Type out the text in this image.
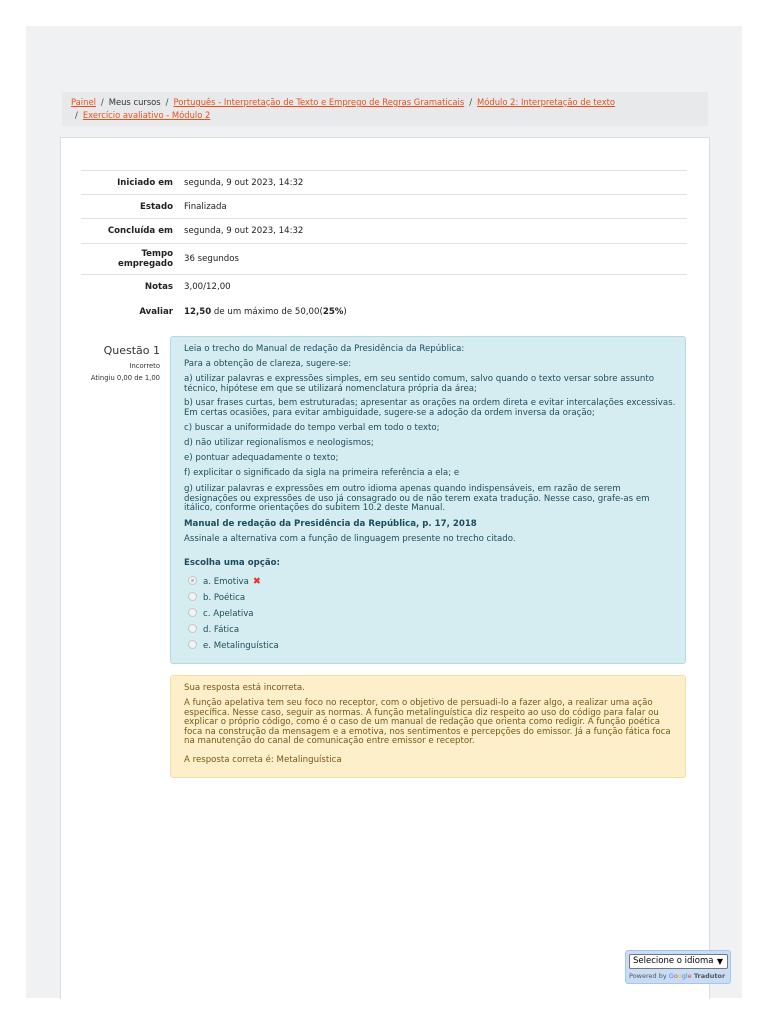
Painel / Meus cursos / Português - Interpretação de Texto e Emprego de Regras Gramaticais / Módulo 2: Interpretação de texto
/ Exercício avaliativo - Módulo 2
Iniciado em	segunda, 9 out 2023, 14:32
Estado	Finalizada
Concluída em	segunda, 9 out 2023, 14:32
Tempo
empregado	36 segundos
Notas	3,00/12,00
Avaliar	12,50 de um máximo de 50,00(25%)
Questão 1
Incorreto
Atingiu 0,00 de 1,00
Leia o trecho do Manual de redação da Presidência da República:
Para a obtenção de clareza, sugere-se:
a) utilizar palavras e expressões simples, em seu sentido comum, salvo quando o texto versar sobre assunto
técnico, hipótese em que se utilizará nomenclatura própria da área;
b) usar frases curtas, bem estruturadas; apresentar as orações na ordem direta e evitar intercalações excessivas.
Em certas ocasiões, para evitar ambiguidade, sugere-se a adoção da ordem inversa da oração;
c) buscar a uniformidade do tempo verbal em todo o texto;
d) não utilizar regionalismos e neologismos;
e) pontuar adequadamente o texto;
f) explicitar o significado da sigla na primeira referência a ela; e
g) utilizar palavras e expressões em outro idioma apenas quando indispensáveis, em razão de serem
designações ou expressões de uso já consagrado ou de não terem exata tradução. Nesse caso, grafe-as em
itálico, conforme orientações do subitem 10.2 deste Manual.
Manual de redação da Presidência da República, p. 17, 2018
Assinale a alternativa com a função de linguagem presente no trecho citado.
Escolha uma opção:
a. Emotiva ✖
b. Poética
c. Apelativa
d. Fática
e. Metalinguística
Sua resposta está incorreta.
A função apelativa tem seu foco no receptor, com o objetivo de persuadi-lo a fazer algo, a realizar uma ação
específica. Nesse caso, seguir as normas. A função metalinguística diz respeito ao uso do código para falar ou
explicar o próprio código, como é o caso de um manual de redação que orienta como redigir. A função poética
foca na construção da mensagem e a emotiva, nos sentimentos e percepções do emissor. Já a função fática foca
na manutenção do canal de comunicação entre emissor e receptor.
A resposta correta é: Metalinguística
Selecione o idioma ▼
Powered by Google Tradutor
